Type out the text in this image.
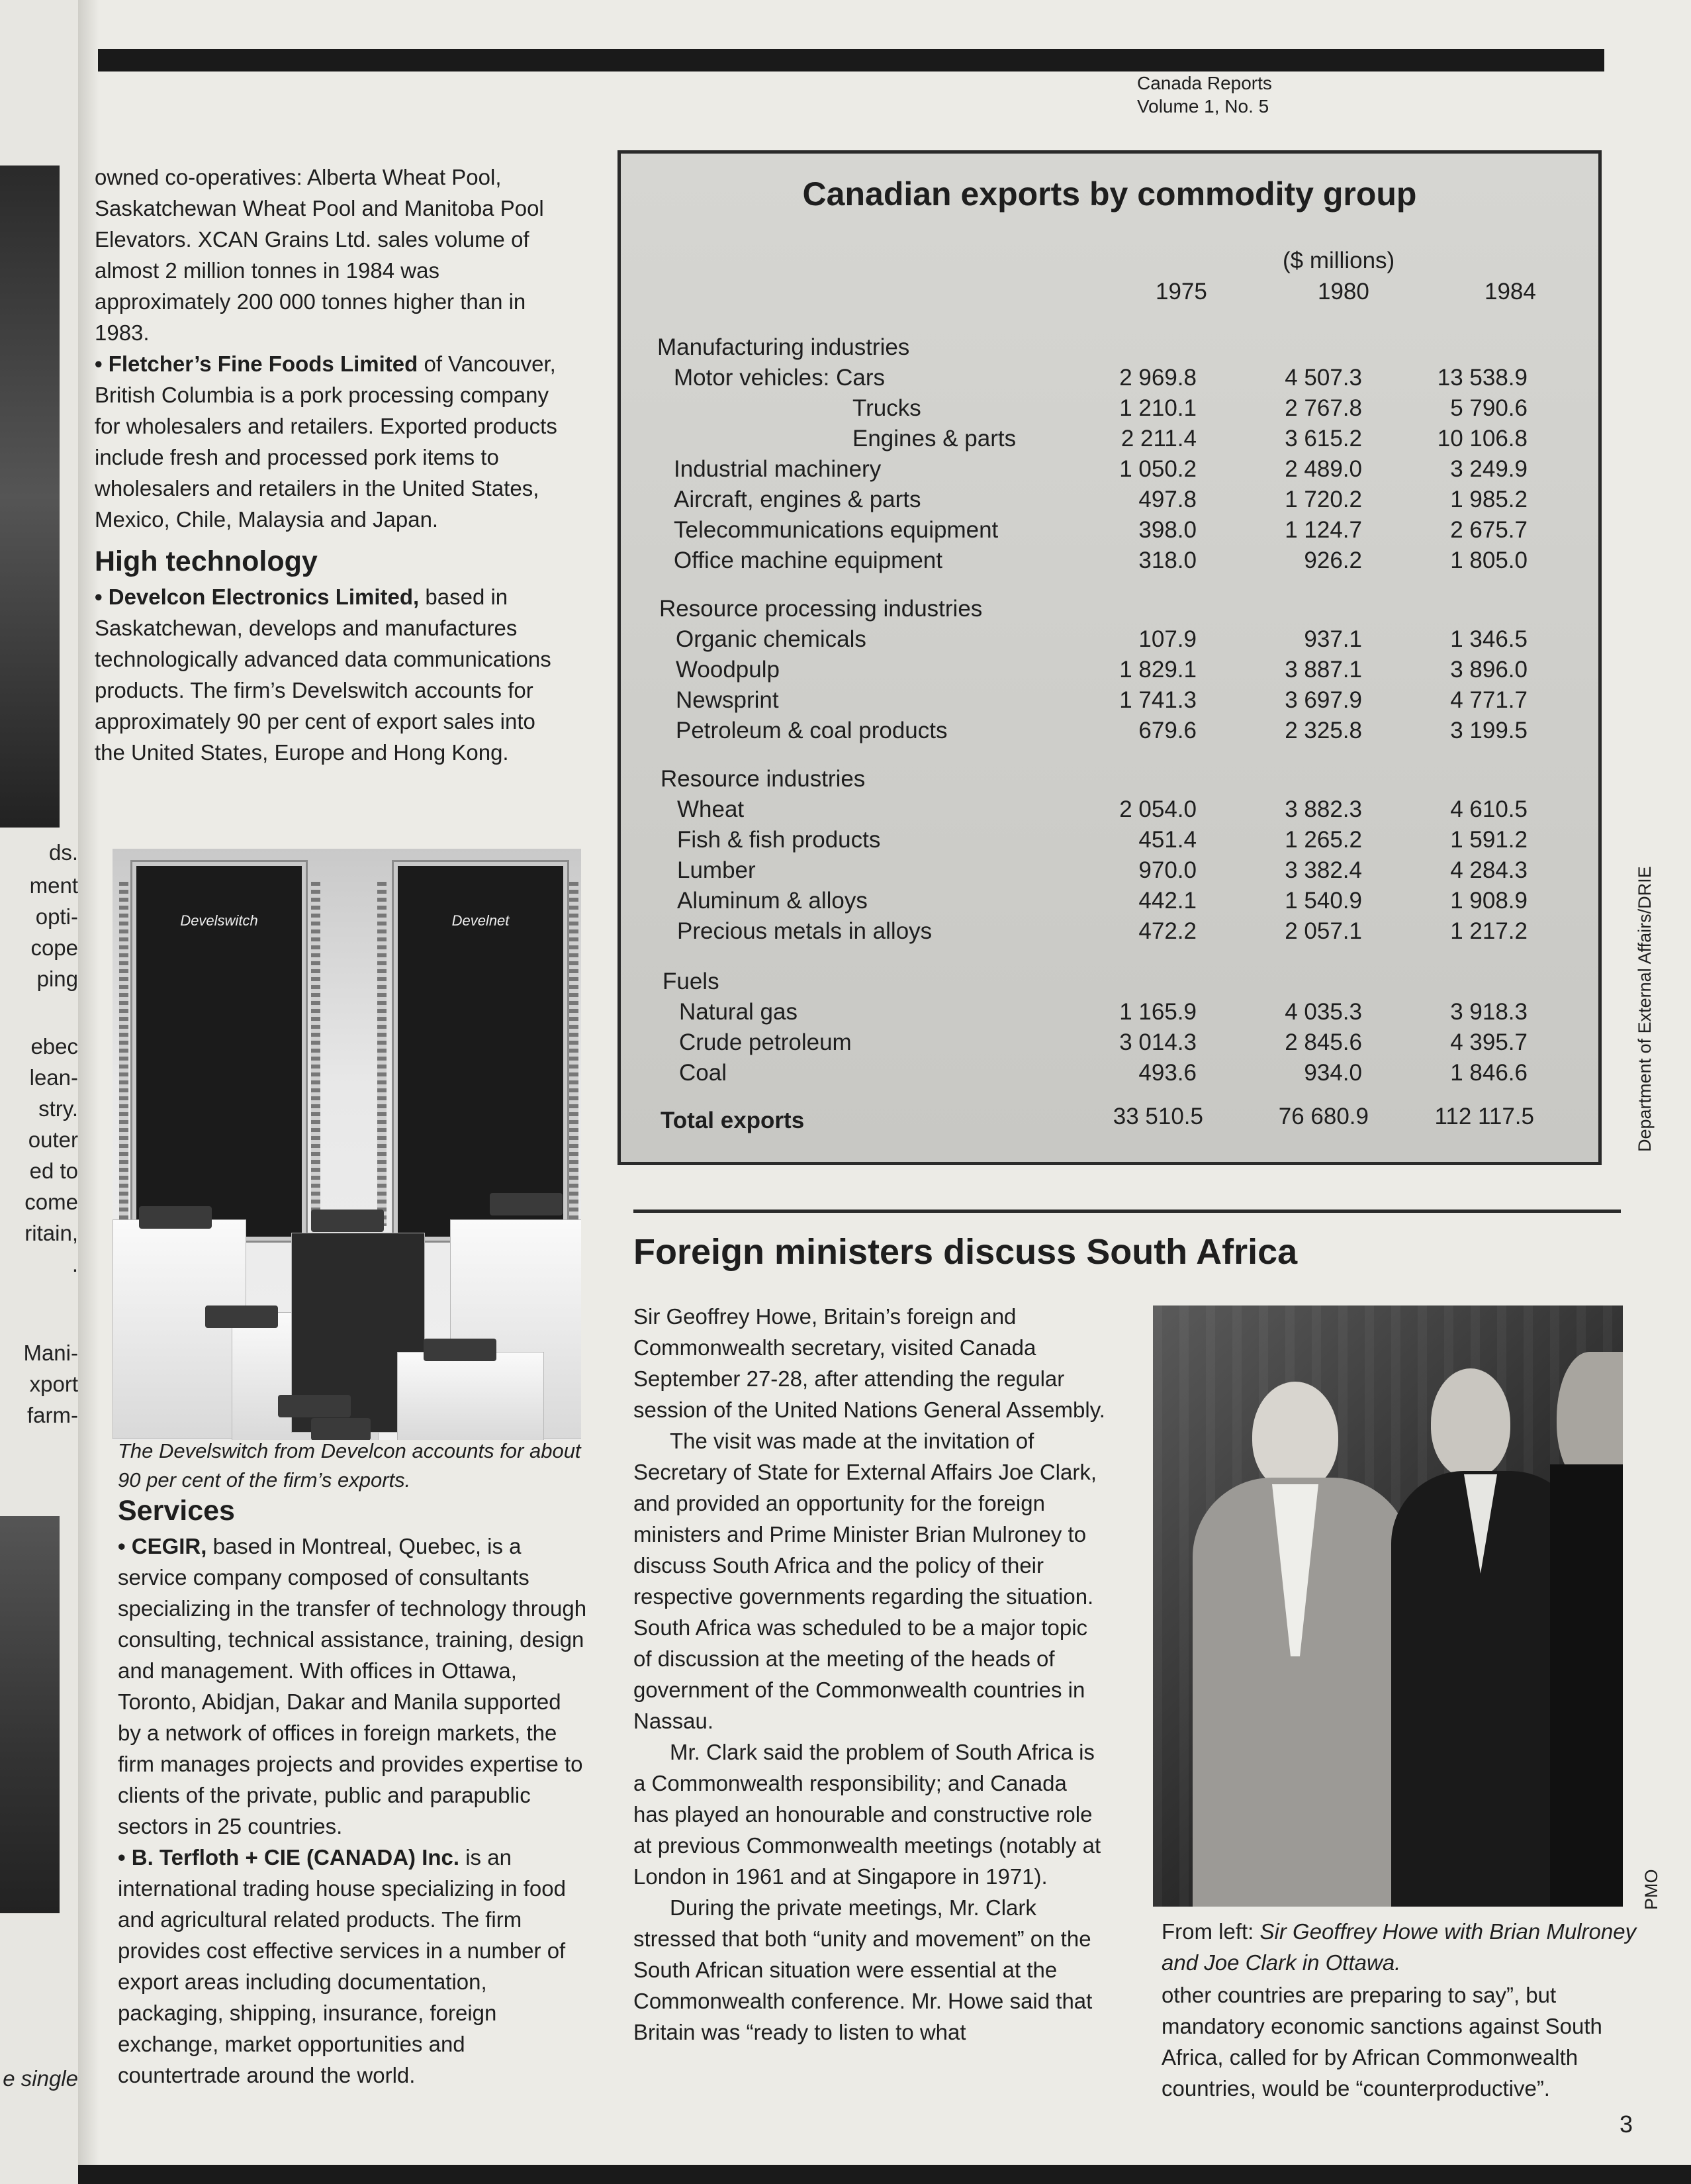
ds.
ment
opti-
cope
ping
ebec
lean-
stry.
outer
ed to
come
ritain,
.
Mani-
xport
farm-
e single
Canada Reports
Volume 1, No. 5

owned co-operatives: Alberta Wheat Pool, Saskatchewan Wheat Pool and Manitoba Pool Elevators. XCAN Grains Ltd. sales volume of almost 2 million tonnes in 1984 was approximately 200 000 tonnes higher than in 1983.

• Fletcher’s Fine Foods Limited of Vancouver, British Columbia is a pork processing company for wholesalers and retailers. Exported products include fresh and processed pork items to wholesalers and retailers in the United States, Mexico, Chile, Malaysia and Japan.

High technology

• Develcon Electronics Limited, based in Saskatchewan, develops and manufactures technologically advanced data communications products. The firm’s Develswitch accounts for approximately 90 per cent of export sales into the United States, Europe and Hong Kong.

Develswitch	Develnet
The Develswitch from Develcon accounts for about 90 per cent of the firm’s exports.
Services

• CEGIR, based in Montreal, Quebec, is a service company composed of consultants specializing in the transfer of technology through consulting, technical assistance, training, design and management. With offices in Ottawa, Toronto, Abidjan, Dakar and Manila supported by a network of offices in foreign markets, the firm manages projects and provides expertise to clients of the private, public and parapublic sectors in 25 countries.

• B. Terfloth + CIE (CANADA) Inc. is an international trading house specializing in food and agricultural related products. The firm provides cost effective services in a number of export areas including documentation, packaging, shipping, insurance, foreign exchange, market opportunities and countertrade around the world.

Canadian exports by commodity group
($ millions)
1975	1980	1984
Manufacturing industries
Motor vehicles: Cars	2 969.8	4 507.3	13 538.9
Trucks	1 210.1	2 767.8	5 790.6
Engines & parts	2 211.4	3 615.2	10 106.8
Industrial machinery	1 050.2	2 489.0	3 249.9
Aircraft, engines & parts	497.8	1 720.2	1 985.2
Telecommunications equipment	398.0	1 124.7	2 675.7
Office machine equipment	318.0	926.2	1 805.0
Resource processing industries
Organic chemicals	107.9	937.1	1 346.5
Woodpulp	1 829.1	3 887.1	3 896.0
Newsprint	1 741.3	3 697.9	4 771.7
Petroleum & coal products	679.6	2 325.8	3 199.5
Resource industries
Wheat	2 054.0	3 882.3	4 610.5
Fish & fish products	451.4	1 265.2	1 591.2
Lumber	970.0	3 382.4	4 284.3
Aluminum & alloys	442.1	1 540.9	1 908.9
Precious metals in alloys	472.2	2 057.1	1 217.2
Fuels
Natural gas	1 165.9	4 035.3	3 918.3
Crude petroleum	3 014.3	2 845.6	4 395.7
Coal	493.6	934.0	1 846.6
Total exports	33 510.5	76 680.9	112 117.5	Department of External Affairs/DRIE
Foreign ministers discuss South Africa

Sir Geoffrey Howe, Britain’s foreign and Commonwealth secretary, visited Canada September 27-28, after attending the regular session of the United Nations General Assembly.

The visit was made at the invitation of Secretary of State for External Affairs Joe Clark, and provided an opportunity for the foreign ministers and Prime Minister Brian Mulroney to discuss South Africa and the policy of their respective governments regarding the situation. South Africa was scheduled to be a major topic of discussion at the meeting of the heads of government of the Commonwealth countries in Nassau.

Mr. Clark said the problem of South Africa is a Commonwealth responsibility; and Canada has played an honourable and constructive role at previous Commonwealth meetings (notably at London in 1961 and at Singapore in 1971).

During the private meetings, Mr. Clark stressed that both “unity and movement” on the South African situation were essential at the Commonwealth conference. Mr. Howe said that Britain was “ready to listen to what

PMO
From left: Sir Geoffrey Howe with Brian Mulroney and Joe Clark in Ottawa.

other countries are preparing to say”, but mandatory economic sanctions against South Africa, called for by African Commonwealth countries, would be “counterproductive”.

3
